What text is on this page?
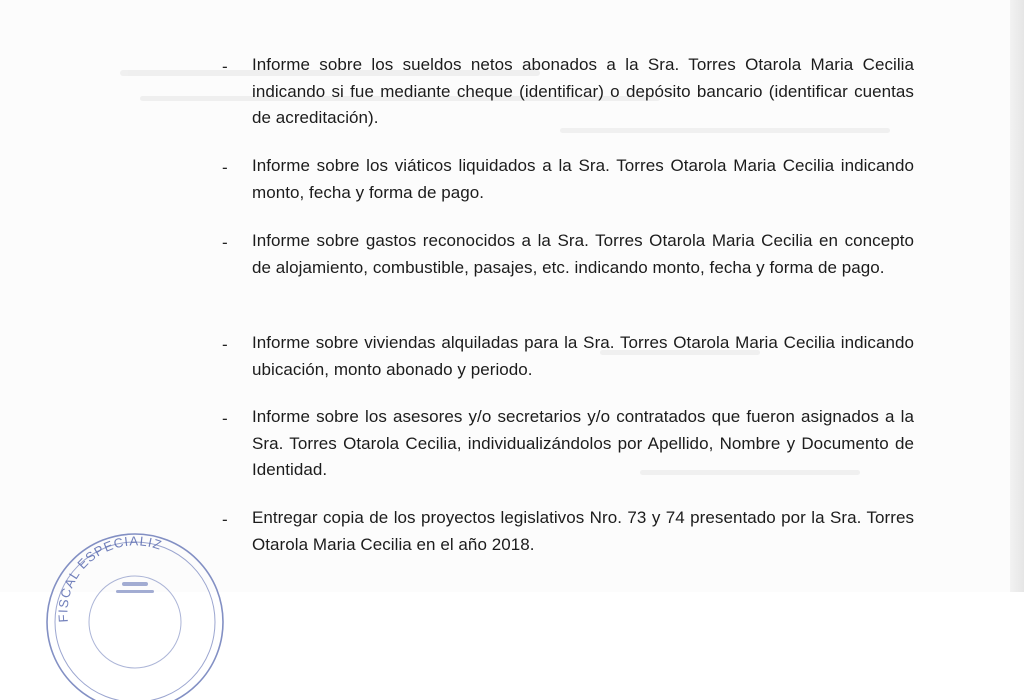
- Informe sobre los sueldos netos abonados a la Sra. Torres Otarola Maria Cecilia indicando si fue mediante cheque (identificar) o depósito bancario (identificar cuentas de acreditación).
- Informe sobre los viáticos liquidados a la Sra. Torres Otarola Maria Cecilia indicando monto, fecha y forma de pago.
- Informe sobre gastos reconocidos a la Sra. Torres Otarola Maria Cecilia en concepto de alojamiento, combustible, pasajes, etc. indicando monto, fecha y forma de pago.
- Informe sobre viviendas alquiladas para la Sra. Torres Otarola Maria Cecilia indicando ubicación, monto abonado y periodo.
- Informe sobre los asesores y/o secretarios y/o contratados que fueron asignados a la Sra. Torres Otarola Cecilia, individualizándolos por Apellido, Nombre y Documento de Identidad.
- Entregar copia de los proyectos legislativos Nro. 73 y 74 presentado por la Sra. Torres Otarola Maria Cecilia en el año 2018.
FISCAL ESPECIALIZ
